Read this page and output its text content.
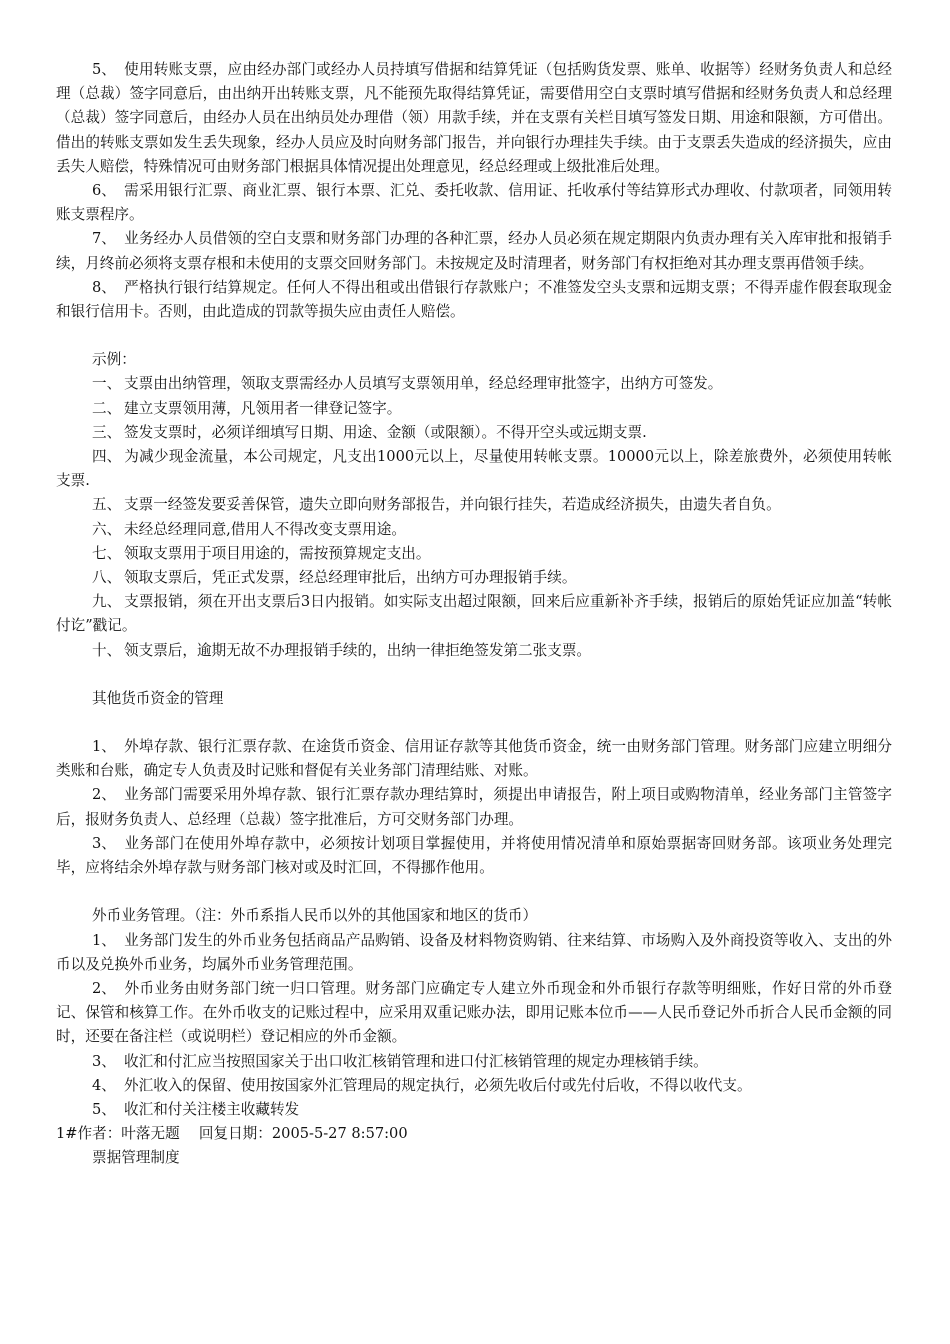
5、 使用转账支票，应由经办部门或经办人员持填写借据和结算凭证（包括购货发票、账单、收据等）经财务负责人和总经理（总裁）签字同意后，由出纳开出转账支票，凡不能预先取得结算凭证，需要借用空白支票时填写借据和经财务负责人和总经理（总裁）签字同意后，由经办人员在出纳员处办理借（领）用款手续，并在支票有关栏目填写签发日期、用途和限额，方可借出。借出的转账支票如发生丢失现象，经办人员应及时向财务部门报告，并向银行办理挂失手续。由于支票丢失造成的经济损失，应由丢失人赔偿，特殊情况可由财务部门根据具体情况提出处理意见，经总经理或上级批准后处理。

6、 需采用银行汇票、商业汇票、银行本票、汇兑、委托收款、信用证、托收承付等结算形式办理收、付款项者，同领用转账支票程序。

7、 业务经办人员借领的空白支票和财务部门办理的各种汇票，经办人员必须在规定期限内负责办理有关入库审批和报销手续，月终前必须将支票存根和未使用的支票交回财务部门。未按规定及时清理者，财务部门有权拒绝对其办理支票再借领手续。

8、 严格执行银行结算规定。任何人不得出租或出借银行存款账户；不准签发空头支票和远期支票；不得弄虚作假套取现金和银行信用卡。否则，由此造成的罚款等损失应由责任人赔偿。

示例：

一、 支票由出纳管理，领取支票需经办人员填写支票领用单，经总经理审批签字，出纳方可签发。

二、 建立支票领用薄，凡领用者一律登记签字。

三、 签发支票时，必须详细填写日期、用途、金额（或限额）。不得开空头或远期支票.

四、 为减少现金流量，本公司规定，凡支出1000元以上，尽量使用转帐支票。10000元以上，除差旅费外，必须使用转帐支票.

五、 支票一经签发要妥善保管，遗失立即向财务部报告，并向银行挂失，若造成经济损失，由遗失者自负。

六、 未经总经理同意,借用人不得改变支票用途。

七、 领取支票用于项目用途的，需按预算规定支出。

八、 领取支票后，凭正式发票，经总经理审批后，出纳方可办理报销手续。

九、 支票报销，须在开出支票后3日内报销。如实际支出超过限额，回来后应重新补齐手续，报销后的原始凭证应加盖“转帐付讫”戳记。

十、 领支票后，逾期无故不办理报销手续的，出纳一律拒绝签发第二张支票。

其他货币资金的管理

1、 外埠存款、银行汇票存款、在途货币资金、信用证存款等其他货币资金，统一由财务部门管理。财务部门应建立明细分类账和台账，确定专人负责及时记账和督促有关业务部门清理结账、对账。

2、 业务部门需要采用外埠存款、银行汇票存款办理结算时，须提出申请报告，附上项目或购物清单，经业务部门主管签字后，报财务负责人、总经理（总裁）签字批准后，方可交财务部门办理。

3、 业务部门在使用外埠存款中，必须按计划项目掌握使用，并将使用情况清单和原始票据寄回财务部。该项业务处理完毕，应将结余外埠存款与财务部门核对或及时汇回，不得挪作他用。

外币业务管理。（注：外币系指人民币以外的其他国家和地区的货币）

1、 业务部门发生的外币业务包括商品产品购销、设备及材料物资购销、往来结算、市场购入及外商投资等收入、支出的外币以及兑换外币业务，均属外币业务管理范围。

2、 外币业务由财务部门统一归口管理。财务部门应确定专人建立外币现金和外币银行存款等明细账，作好日常的外币登记、保管和核算工作。在外币收支的记账过程中，应采用双重记账办法，即用记账本位币——人民币登记外币折合人民币金额的同时，还要在备注栏（或说明栏）登记相应的外币金额。

3、 收汇和付汇应当按照国家关于出口收汇核销管理和进口付汇核销管理的规定办理核销手续。

4、 外汇收入的保留、使用按国家外汇管理局的规定执行，必须先收后付或先付后收，不得以收代支。

5、 收汇和付关注楼主收藏转发

1#作者：叶落无题　 回复日期：2005-5-27 8:57:00

票据管理制度
